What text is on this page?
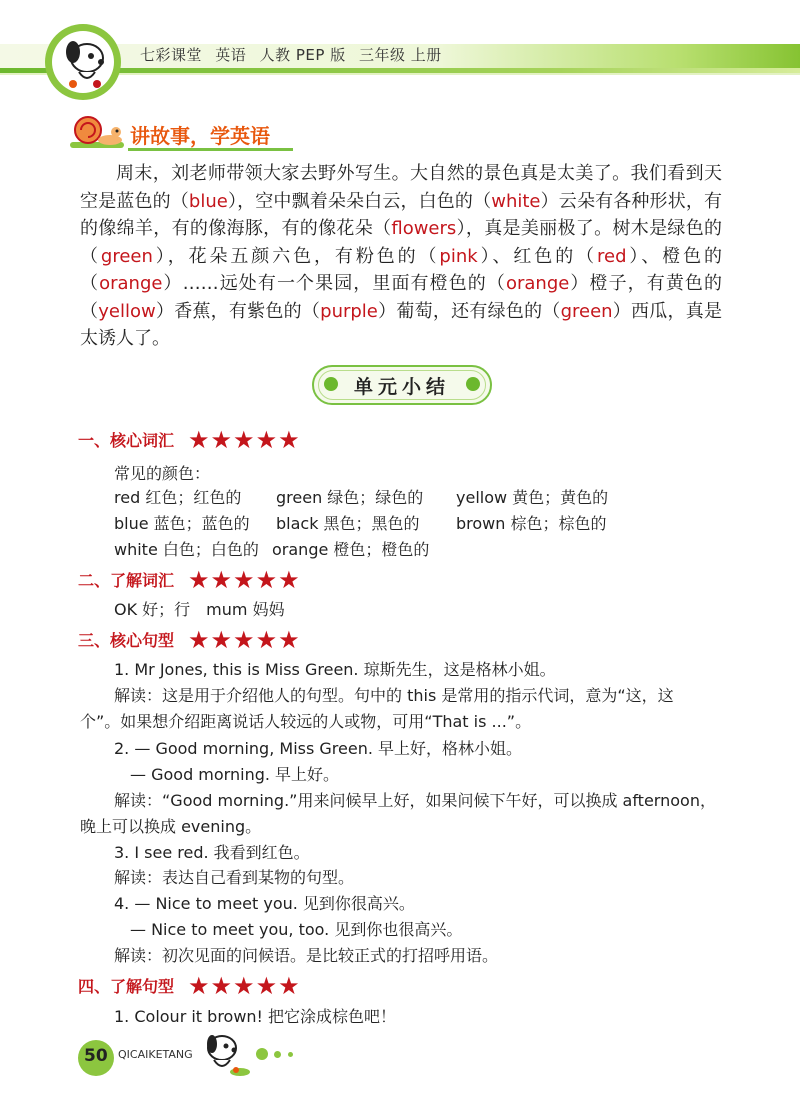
七彩课堂 英语 人教 PEP 版 三年级 上册
讲故事，学英语

周末，刘老师带领大家去野外写生。大自然的景色真是太美了。我们看到天空是蓝色的（blue），空中飘着朵朵白云，白色的（white）云朵有各种形状，有的像绵羊，有的像海豚，有的像花朵（flowers），真是美丽极了。树木是绿色的（green），花朵五颜六色，有粉色的（pink）、红色的（red）、橙色的（orange）……远处有一个果园，里面有橙色的（orange）橙子，有黄色的（yellow）香蕉，有紫色的（purple）葡萄，还有绿色的（green）西瓜，真是太诱人了。

单元小结
一、核心词汇 ★★★★★
常见的颜色：
red 红色；红色的 green 绿色；绿色的 yellow 黄色；黄色的
blue 蓝色；蓝色的 black 黑色；黑色的 brown 棕色；棕色的
white 白色；白色的 orange 橙色；橙色的
二、了解词汇 ★★★★★
OK 好；行　mum 妈妈
三、核心句型 ★★★★★
1. Mr Jones, this is Miss Green. 琼斯先生，这是格林小姐。
解读：这是用于介绍他人的句型。句中的 this 是常用的指示代词，意为“这，这
个”。如果想介绍距离说话人较远的人或物，可用“That is ...”。
2. — Good morning, Miss Green. 早上好，格林小姐。
— Good morning. 早上好。
解读：“Good morning.”用来问候早上好，如果问候下午好，可以换成 afternoon，
晚上可以换成 evening。
3. I see red. 我看到红色。
解读：表达自己看到某物的句型。
4. — Nice to meet you. 见到你很高兴。
— Nice to meet you, too. 见到你也很高兴。
解读：初次见面的问候语。是比较正式的打招呼用语。
四、了解句型 ★★★★★
1. Colour it brown! 把它涂成棕色吧！
50 QICAIKETANG
